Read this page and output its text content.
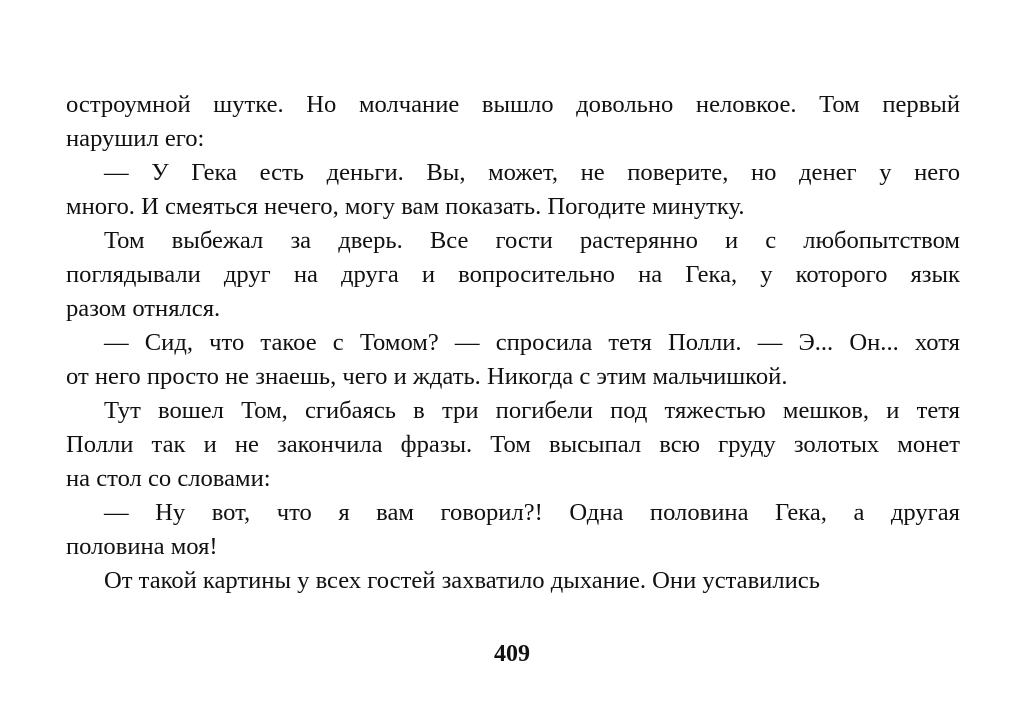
остроумной шутке. Но молчание вышло довольно неловкое. Том первый
нарушил его:
— У Гека есть деньги. Вы, может, не поверите, но денег у него
много. И смеяться нечего, могу вам показать. Погодите минутку.
Том выбежал за дверь. Все гости растерянно и с любопытством
поглядывали друг на друга и вопросительно на Гека, у которого язык
разом отнялся.
— Сид, что такое с Томом? — спросила тетя Полли. — Э... Он... хотя
от него просто не знаешь, чего и ждать. Никогда с этим мальчишкой.
Тут вошел Том, сгибаясь в три погибели под тяжестью мешков, и тетя
Полли так и не закончила фразы. Том высыпал всю груду золотых монет
на стол со словами:
— Ну вот, что я вам говорил?! Одна половина Гека, а другая
половина моя!
От такой картины у всех гостей захватило дыхание. Они уставились
409
